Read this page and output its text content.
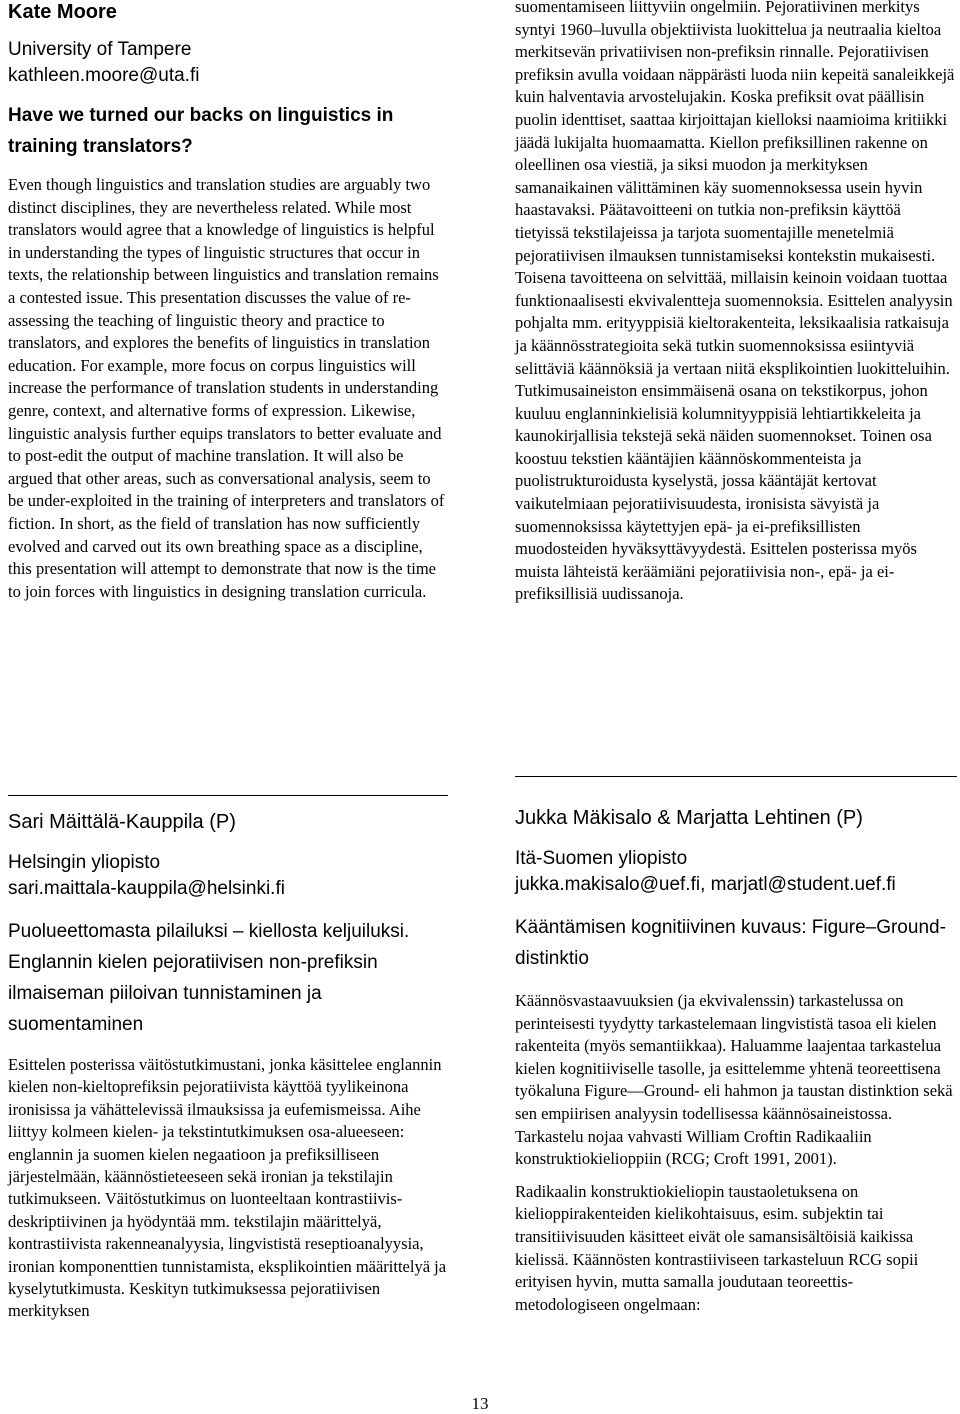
Kate Moore

University of Tampere

kathleen.moore@uta.fi

Have we turned our backs on linguistics in training translators?

Even though linguistics and translation studies are arguably two distinct disciplines, they are nevertheless related. While most translators would agree that a knowledge of linguistics is helpful in understanding the types of linguistic structures that occur in texts, the relationship between linguistics and translation remains a contested issue. This presentation discusses the value of re-assessing the teaching of linguistic theory and practice to translators, and explores the benefits of linguistics in translation education. For example, more focus on corpus linguistics will increase the performance of translation students in understanding genre, context, and alternative forms of expression. Likewise, linguistic analysis further equips translators to better evaluate and to post-edit the output of machine translation. It will also be argued that other areas, such as conversational analysis, seem to be under-exploited in the training of interpreters and translators of fiction. In short, as the field of translation has now sufficiently evolved and carved out its own breathing space as a discipline, this presentation will attempt to demonstrate that now is the time to join forces with linguistics in designing translation curricula.

suomentamiseen liittyviin ongelmiin. Pejoratiivinen merkitys syntyi 1960–luvulla objektiivista luokittelua ja neutraalia kieltoa merkitsevän privatiivisen non-prefiksin rinnalle. Pejoratiivisen prefiksin avulla voidaan näppärästi luoda niin kepeitä sanaleikkejä kuin halventavia arvostelujakin. Koska prefiksit ovat päällisin puolin identtiset, saattaa kirjoittajan kielloksi naamioima kritiikki jäädä lukijalta huomaamatta. Kiellon prefiksillinen rakenne on oleellinen osa viestiä, ja siksi muodon ja merkityksen samanaikainen välittäminen käy suomennoksessa usein hyvin haastavaksi. Päätavoitteeni on tutkia non-prefiksin käyttöä tietyissä tekstilajeissa ja tarjota suomentajille menetelmiä pejoratiivisen ilmauksen tunnistamiseksi kontekstin mukaisesti. Toisena tavoitteena on selvittää, millaisin keinoin voidaan tuottaa funktionaalisesti ekvivalentteja suomennoksia. Esittelen analyysin pohjalta mm. erityyppisiä kieltorakenteita, leksikaalisia ratkaisuja ja käännösstrategioita sekä tutkin suomennoksissa esiintyviä selittäviä käännöksiä ja vertaan niitä eksplikointien luokitteluihin. Tutkimusaineiston ensimmäisenä osana on tekstikorpus, johon kuuluu englanninkielisiä kolumnityyppisiä lehtiartikkeleita ja kaunokirjallisia tekstejä sekä näiden suomennokset. Toinen osa koostuu tekstien kääntäjien käännöskommenteista ja puolistrukturoidusta kyselystä, jossa kääntäjät kertovat vaikutelmiaan pejoratiivisuudesta, ironisista sävyistä ja suomennoksissa käytettyjen epä- ja ei-prefiksillisten muodosteiden hyväksyttävyydestä. Esittelen posterissa myös muista lähteistä keräämiäni pejoratiivisia non-, epä- ja ei-prefiksillisiä uudissanoja.

Sari Mäittälä-Kauppila (P)

Helsingin yliopisto

sari.maittala-kauppila@helsinki.fi

Puolueettomasta pilailuksi – kiellosta keljuiluksi. Englannin kielen pejoratiivisen non-prefiksin ilmaiseman piiloivan tunnistaminen ja suomentaminen

Esittelen posterissa väitöstutkimustani, jonka käsittelee englannin kielen non-kieltoprefiksin pejoratiivista käyttöä tyylikeinona ironisissa ja vähättelevissä ilmauksissa ja eufemismeissa. Aihe liittyy kolmeen kielen- ja tekstintutkimuksen osa-alueeseen: englannin ja suomen kielen negaatioon ja prefiksilliseen järjestelmään, käännöstieteeseen sekä ironian ja tekstilajin tutkimukseen. Väitöstutkimus on luonteeltaan kontrastiivis-deskriptiivinen ja hyödyntää mm. tekstilajin määrittelyä, kontrastiivista rakenneanalyysia, lingvististä reseptioanalyysia, ironian komponenttien tunnistamista, eksplikointien määrittelyä ja kyselytutkimusta. Keskityn tutkimuksessa pejoratiivisen merkityksen

Jukka Mäkisalo & Marjatta Lehtinen (P)

Itä-Suomen yliopisto

jukka.makisalo@uef.fi, marjatl@student.uef.fi

Kääntämisen kognitiivinen kuvaus: Figure–Ground-distinktio

Käännösvastaavuuksien (ja ekvivalenssin) tarkastelussa on perinteisesti tyydytty tarkastelemaan lingvististä tasoa eli kielen rakenteita (myös semantiikkaa). Haluamme laajentaa tarkastelua kielen kognitiiviselle tasolle, ja esittelemme yhtenä teoreettisena työkaluna Figure—Ground- eli hahmon ja taustan distinktion sekä sen empiirisen analyysin todellisessa käännösaineistossa. Tarkastelu nojaa vahvasti William Croftin Radikaaliin konstruktiokielioppiin (RCG; Croft 1991, 2001).

Radikaalin konstruktiokieliopin taustaoletuksena on kielioppirakenteiden kielikohtaisuus, esim. subjektin tai transitiivisuuden käsitteet eivät ole samansisältöisiä kaikissa kielissä. Käännösten kontrastiiviseen tarkasteluun RCG sopii erityisen hyvin, mutta samalla joudutaan teoreettis-metodologiseen ongelmaan:

13
